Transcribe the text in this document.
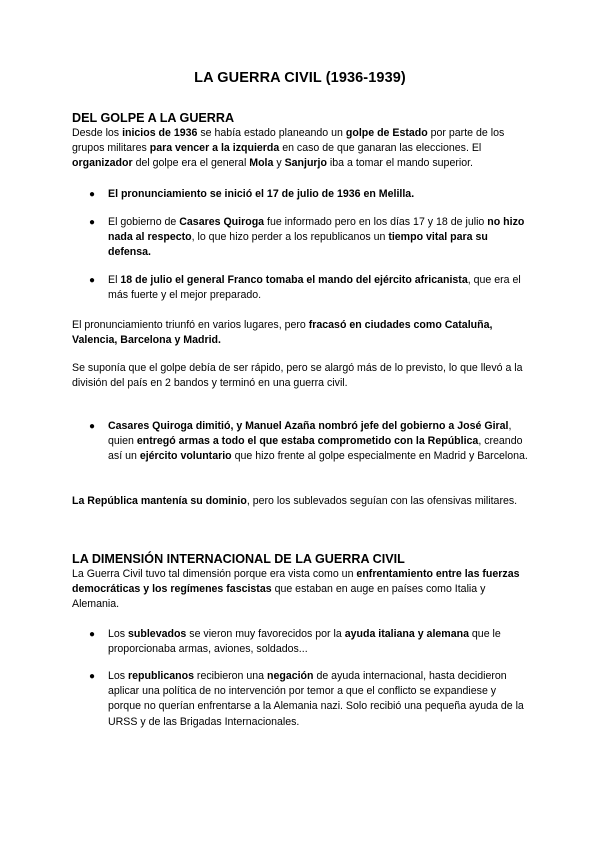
LA GUERRA CIVIL (1936-1939)
DEL GOLPE A LA GUERRA

Desde los inicios de 1936 se había estado planeando un golpe de Estado por parte de los grupos militares para vencer a la izquierda en caso de que ganaran las elecciones. El organizador del golpe era el general Mola y Sanjurjo iba a tomar el mando superior.

● El pronunciamiento se inició el 17 de julio de 1936 en Melilla.

● El gobierno de Casares Quiroga fue informado pero en los días 17 y 18 de julio no hizo nada al respecto, lo que hizo perder a los republicanos un tiempo vital para su defensa.

● El 18 de julio el general Franco tomaba el mando del ejército africanista, que era el más fuerte y el mejor preparado.

El pronunciamiento triunfó en varios lugares, pero fracasó en ciudades como Cataluña, Valencia, Barcelona y Madrid.

Se suponía que el golpe debía de ser rápido, pero se alargó más de lo previsto, lo que llevó a la división del país en 2 bandos y terminó en una guerra civil.

● Casares Quiroga dimitió, y Manuel Azaña nombró jefe del gobierno a José Giral, quien entregó armas a todo el que estaba comprometido con la República, creando así un ejército voluntario que hizo frente al golpe especialmente en Madrid y Barcelona.

La República mantenía su dominio, pero los sublevados seguían con las ofensivas militares.

LA DIMENSIÓN INTERNACIONAL DE LA GUERRA CIVIL

La Guerra Civil tuvo tal dimensión porque era vista como un enfrentamiento entre las fuerzas democráticas y los regímenes fascistas que estaban en auge en países como Italia y Alemania.

● Los sublevados se vieron muy favorecidos por la ayuda italiana y alemana que le proporcionaba armas, aviones, soldados...

● Los republicanos recibieron una negación de ayuda internacional, hasta decidieron aplicar una política de no intervención por temor a que el conflicto se expandiese y porque no querían enfrentarse a la Alemania nazi. Solo recibió una pequeña ayuda de la URSS y de las Brigadas Internacionales.
